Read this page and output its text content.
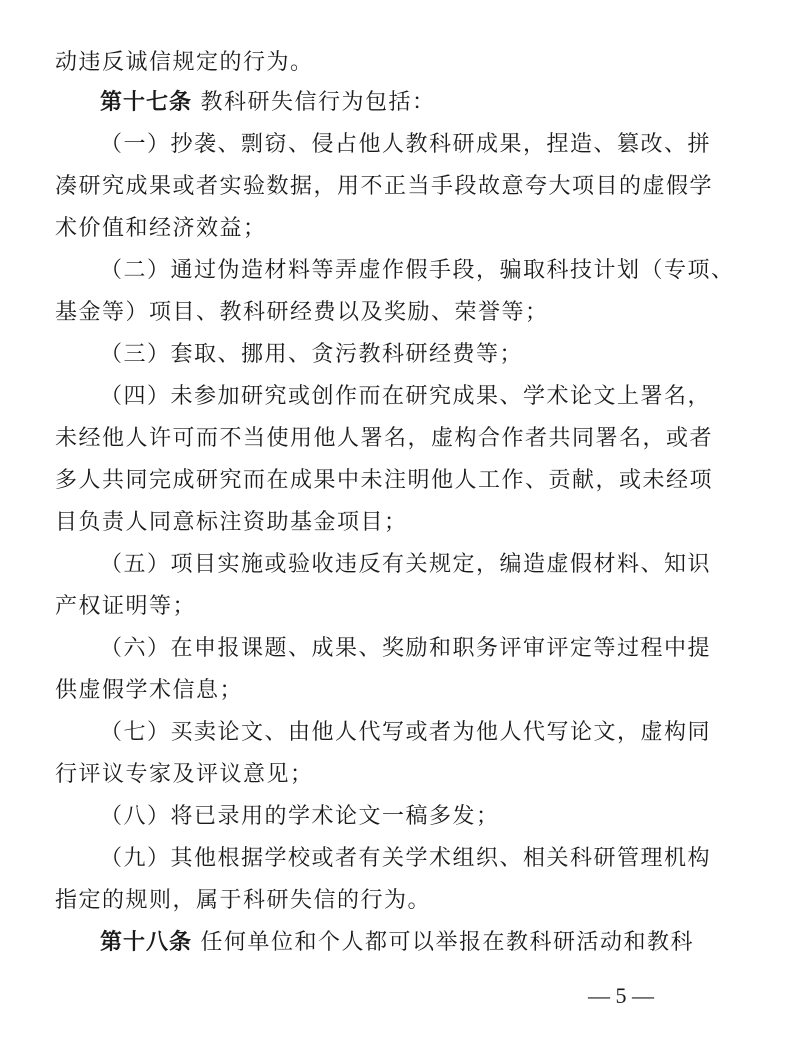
动违反诚信规定的行为。
第十七条 教科研失信行为包括：
（一）抄袭、剽窃、侵占他人教科研成果，捏造、篡改、拼
凑研究成果或者实验数据，用不正当手段故意夸大项目的虚假学
术价值和经济效益；
（二）通过伪造材料等弄虚作假手段，骗取科技计划（专项、
基金等）项目、教科研经费以及奖励、荣誉等；
（三）套取、挪用、贪污教科研经费等；
（四）未参加研究或创作而在研究成果、学术论文上署名，
未经他人许可而不当使用他人署名，虚构合作者共同署名，或者
多人共同完成研究而在成果中未注明他人工作、贡献，或未经项
目负责人同意标注资助基金项目；
（五）项目实施或验收违反有关规定，编造虚假材料、知识
产权证明等；
（六）在申报课题、成果、奖励和职务评审评定等过程中提
供虚假学术信息；
（七）买卖论文、由他人代写或者为他人代写论文，虚构同
行评议专家及评议意见；
（八）将已录用的学术论文一稿多发；
（九）其他根据学校或者有关学术组织、相关科研管理机构
指定的规则，属于科研失信的行为。
第十八条 任何单位和个人都可以举报在教科研活动和教科
— 5 —
